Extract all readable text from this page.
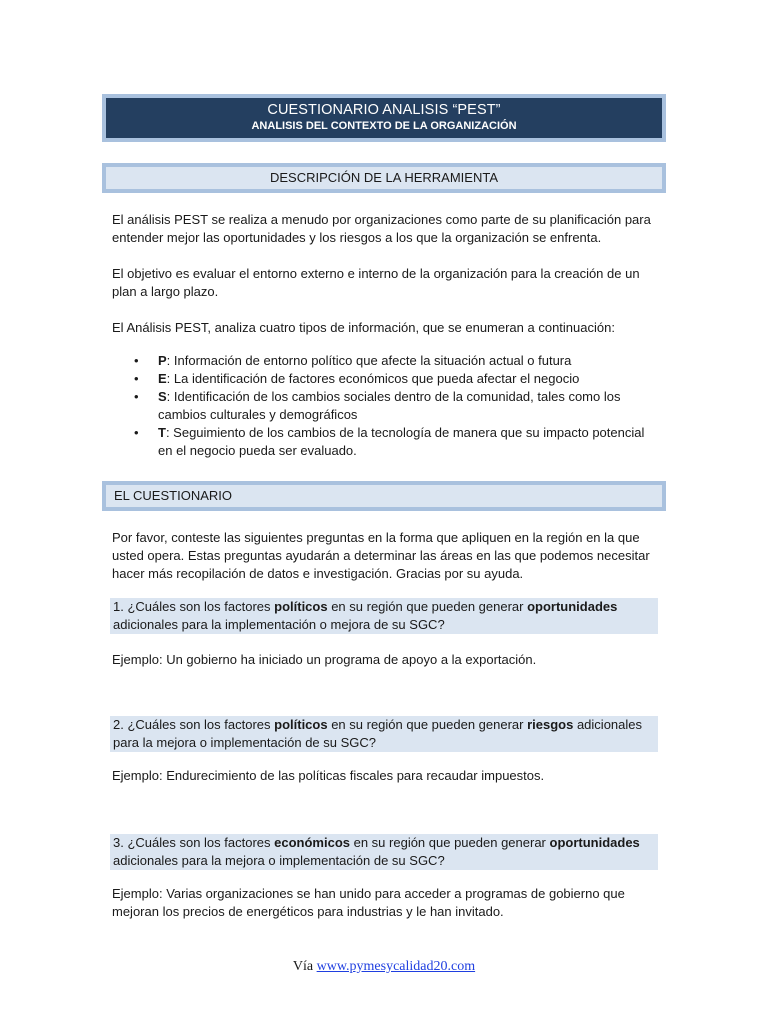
CUESTIONARIO ANALISIS “PEST”
ANALISIS DEL CONTEXTO DE LA ORGANIZACIÓN
DESCRIPCIÓN DE LA HERRAMIENTA

El análisis PEST se realiza a menudo por organizaciones como parte de su planificación para entender mejor las oportunidades y los riesgos a los que la organización se enfrenta.

El objetivo es evaluar el entorno externo e interno de la organización para la creación de un plan a largo plazo.

El Análisis PEST, analiza cuatro tipos de información, que se enumeran a continuación:

• P: Información de entorno político que afecte la situación actual o futura
• E: La identificación de factores económicos que pueda afectar el negocio
• S: Identificación de los cambios sociales dentro de la comunidad, tales como los cambios culturales y demográficos
• T: Seguimiento de los cambios de la tecnología de manera que su impacto potencial en el negocio pueda ser evaluado.
EL CUESTIONARIO

Por favor, conteste las siguientes preguntas en la forma que apliquen en la región en la que usted opera. Estas preguntas ayudarán a determinar las áreas en las que podemos necesitar hacer más recopilación de datos e investigación. Gracias por su ayuda.

1. ¿Cuáles son los factores políticos en su región que pueden generar oportunidades adicionales para la implementación o mejora de su SGC?

Ejemplo: Un gobierno ha iniciado un programa de apoyo a la exportación.

2. ¿Cuáles son los factores políticos en su región que pueden generar riesgos adicionales para la mejora o implementación de su SGC?

Ejemplo: Endurecimiento de las políticas fiscales para recaudar impuestos.

3. ¿Cuáles son los factores económicos en su región que pueden generar oportunidades adicionales para la mejora o implementación de su SGC?

Ejemplo: Varias organizaciones se han unido para acceder a programas de gobierno que mejoran los precios de energéticos para industrias y le han invitado.

Vía www.pymesycalidad20.com
